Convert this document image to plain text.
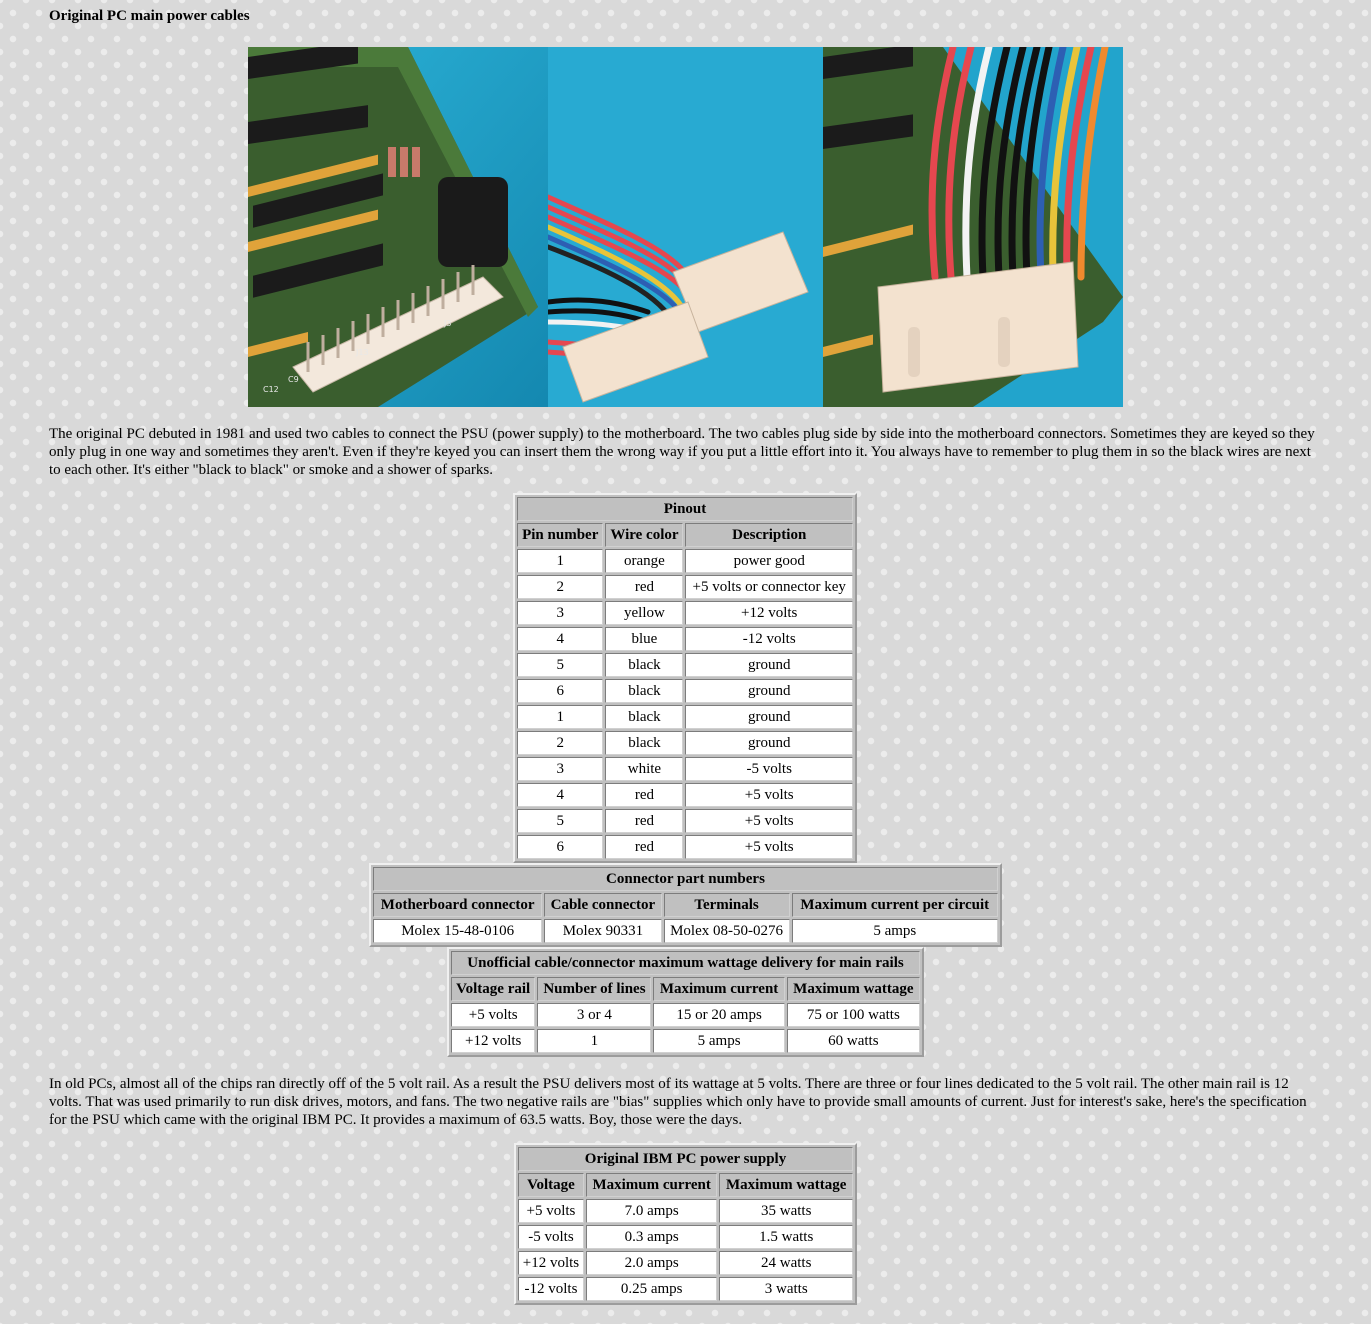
Original PC main power cables
C12
C9
J13
J3

The original PC debuted in 1981 and used two cables to connect the PSU (power supply) to the motherboard. The two cables plug side by side into the motherboard connectors. Sometimes they are keyed so they only plug in one way and sometimes they aren't. Even if they're keyed you can insert them the wrong way if you put a little effort into it. You always have to remember to plug them in so the black wires are next to each other. It's either "black to black" or smoke and a shower of sparks.

Pinout		
Pin number	Wire color	Description
1	orange	power good
2	red	+5 volts or connector key
3	yellow	+12 volts
4	blue	-12 volts
5	black	ground
6	black	ground
1	black	ground
2	black	ground
3	white	-5 volts
4	red	+5 volts
5	red	+5 volts
6	red	+5 volts
Connector part numbers			
Motherboard connector	Cable connector	Terminals	Maximum current per circuit
Molex 15-48-0106	Molex 90331	Molex 08-50-0276	5 amps
Unofficial cable/connector maximum wattage delivery for main rails			
Voltage rail	Number of lines	Maximum current	Maximum wattage
+5 volts	3 or 4	15 or 20 amps	75 or 100 watts
+12 volts	1	5 amps	60 watts

In old PCs, almost all of the chips ran directly off of the 5 volt rail. As a result the PSU delivers most of its wattage at 5 volts. There are three or four lines dedicated to the 5 volt rail. The other main rail is 12 volts. That was used primarily to run disk drives, motors, and fans. The two negative rails are "bias" supplies which only have to provide small amounts of current. Just for interest's sake, here's the specification for the PSU which came with the original IBM PC. It provides a maximum of 63.5 watts. Boy, those were the days.

Original IBM PC power supply		
Voltage	Maximum current	Maximum wattage
+5 volts	7.0 amps	35 watts
-5 volts	0.3 amps	1.5 watts
+12 volts	2.0 amps	24 watts
-12 volts	0.25 amps	3 watts
